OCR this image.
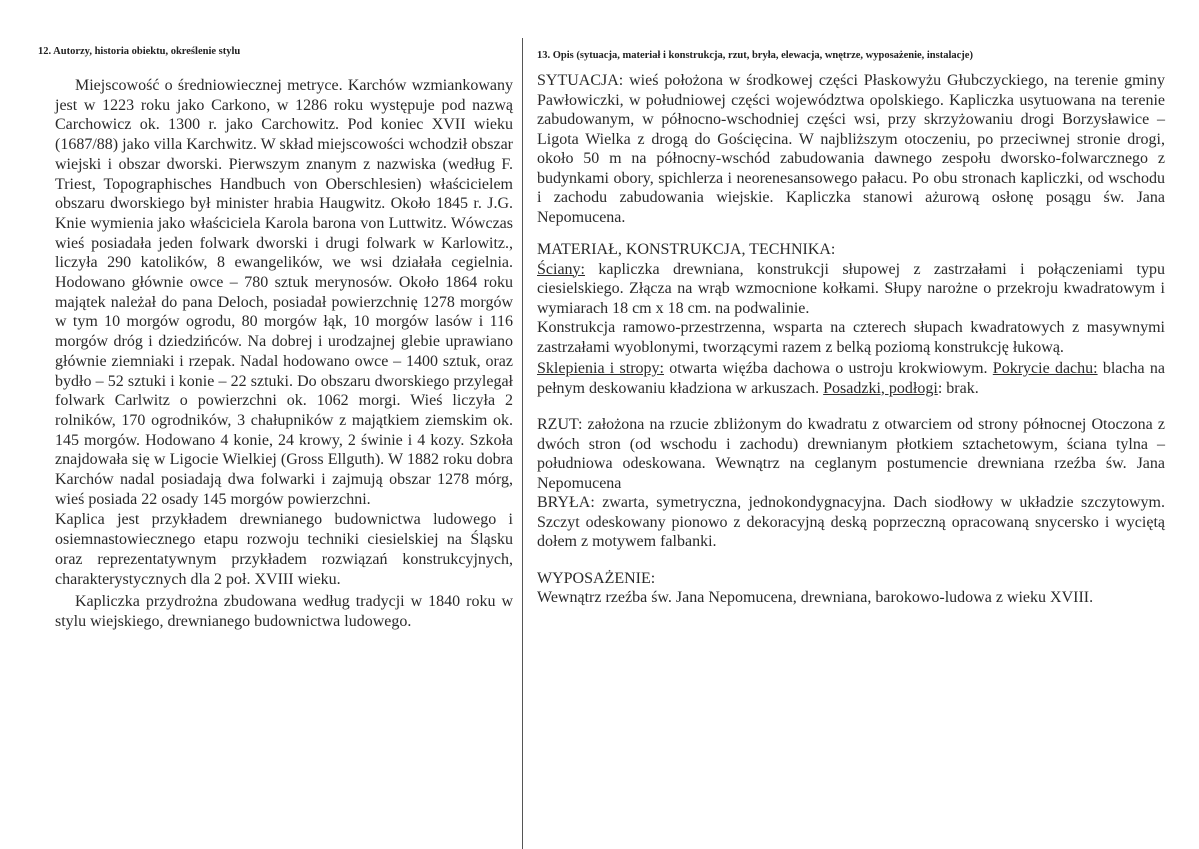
12. Autorzy, historia obiektu, określenie stylu	13. Opis (sytuacja, materiał i konstrukcja, rzut, bryła, elewacja, wnętrze, wyposażenie, instalacje)

Miejscowość o średniowiecznej metryce. Karchów wzmiankowany jest w 1223 roku jako Carkono, w 1286 roku występuje pod nazwą Carchowicz ok. 1300 r. jako Carchowitz. Pod koniec XVII wieku (1687/88) jako villa Karchwitz. W skład miejscowości wchodził obszar wiejski i obszar dworski. Pierwszym znanym z nazwiska (według F. Triest, Topographisches Handbuch von Oberschlesien) właścicielem obszaru dworskiego był minister hrabia Haugwitz. Około 1845 r. J.G. Knie wymienia jako właściciela Karola barona von Luttwitz. Wówczas wieś posiadała jeden folwark dworski i drugi folwark w Karlowitz., liczyła 290 katolików, 8 ewangelików, we wsi działała cegielnia. Hodowano głównie owce – 780 sztuk merynosów. Około 1864 roku majątek należał do pana Deloch, posiadał powierzchnię 1278 morgów w tym 10 morgów ogrodu, 80 morgów łąk, 10 morgów lasów i 116 morgów dróg i dziedzińców. Na dobrej i urodzajnej glebie uprawiano głównie ziemniaki i rzepak. Nadal hodowano owce – 1400 sztuk, oraz bydło – 52 sztuki i konie – 22 sztuki. Do obszaru dworskiego przylegał folwark Carlwitz o powierzchni ok. 1062 morgi. Wieś liczyła 2 rolników, 170 ogrodników, 3 chałupników z majątkiem ziemskim ok. 145 morgów. Hodowano 4 konie, 24 krowy, 2 świnie i 4 kozy. Szkoła znajdowała się w Ligocie Wielkiej (Gross Ellguth). W 1882 roku dobra Karchów nadal posiadają dwa folwarki i zajmują obszar 1278 mórg, wieś posiada 22 osady 145 morgów powierzchni.

Kaplica jest przykładem drewnianego budownictwa ludowego i osiemnastowiecznego etapu rozwoju techniki ciesielskiej na Śląsku oraz reprezentatywnym przykładem rozwiązań konstrukcyjnych, charakterystycznych dla 2 poł. XVIII wieku.

Kapliczka przydrożna zbudowana według tradycji w 1840 roku w stylu wiejskiego, drewnianego budownictwa ludowego.

SYTUACJA: wieś położona w środkowej części Płaskowyżu Głubczyckiego, na terenie gminy Pawłowiczki, w południowej części województwa opolskiego. Kapliczka usytuowana na terenie zabudowanym, w północno-wschodniej części wsi, przy skrzyżowaniu drogi Borzysławice – Ligota Wielka z drogą do Gościęcina. W najbliższym otoczeniu, po przeciwnej stronie drogi, około 50 m na północny-wschód zabudowania dawnego zespołu dworsko-folwarcznego z budynkami obory, spichlerza i neorenesansowego pałacu. Po obu stronach kapliczki, od wschodu i zachodu zabudowania wiejskie. Kapliczka stanowi ażurową osłonę posągu św. Jana Nepomucena.

MATERIAŁ, KONSTRUKCJA, TECHNIKA:

Ściany: kapliczka drewniana, konstrukcji słupowej z zastrzałami i połączeniami typu ciesielskiego. Złącza na wrąb wzmocnione kołkami. Słupy narożne o przekroju kwadratowym i wymiarach 18 cm x 18 cm. na podwalinie.

Konstrukcja ramowo-przestrzenna, wsparta na czterech słupach kwadratowych z masywnymi zastrzałami wyoblonymi, tworzącymi razem z belką poziomą konstrukcję łukową.

Sklepienia i stropy: otwarta więźba dachowa o ustroju krokwiowym. Pokrycie dachu: blacha na pełnym deskowaniu kładziona w arkuszach. Posadzki, podłogi: brak.

RZUT: założona na rzucie zbliżonym do kwadratu z otwarciem od strony północnej Otoczona z dwóch stron (od wschodu i zachodu) drewnianym płotkiem sztachetowym, ściana tylna – południowa odeskowana. Wewnątrz na ceglanym postumencie drewniana rzeźba św. Jana Nepomucena

BRYŁA: zwarta, symetryczna, jednokondygnacyjna. Dach siodłowy w układzie szczytowym. Szczyt odeskowany pionowo z dekoracyjną deską poprzeczną opracowaną snycersko i wyciętą dołem z motywem falbanki.

WYPOSAŻENIE:

Wewnątrz rzeźba św. Jana Nepomucena, drewniana, barokowo-ludowa z wieku XVIII.
